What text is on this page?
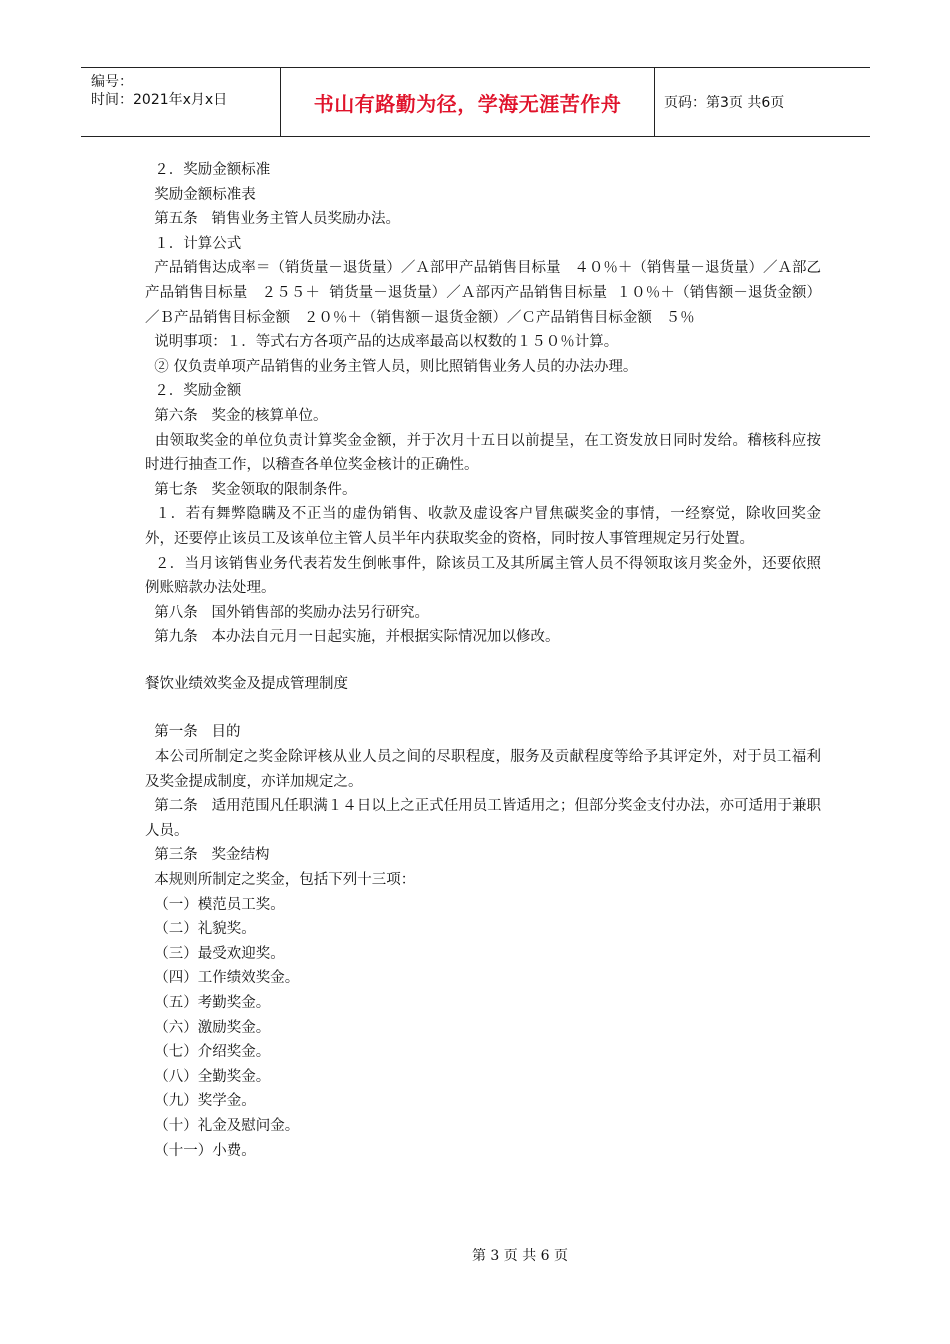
编号：
时间：2021年x月x日	书山有路勤为径，学海无涯苦作舟	页码：第3页 共6页

２．奖励金额标准

奖励金额标准表

第五条   销售业务主管人员奖励办法。

１．计算公式

产品销售达成率＝（销货量－退货量）／Ａ部甲产品销售目标量   ４０％＋（销售量－退货量）／Ａ部乙产品销售目标量   ２５５＋  销货量－退货量）／Ａ部丙产品销售目标量  １０％＋（销售额－退货金额）／Ｂ产品销售目标金额   ２０％＋（销售额－退货金额）／Ｃ产品销售目标金额   ５％

说明事项：１．等式右方各项产品的达成率最高以权数的１５０％计算。

② 仅负责单项产品销售的业务主管人员，则比照销售业务人员的办法办理。

２．奖励金额

第六条   奖金的核算单位。

由领取奖金的单位负责计算奖金金额，并于次月十五日以前提呈，在工资发放日同时发给。稽核科应按时进行抽查工作，以稽查各单位奖金核计的正确性。

第七条   奖金领取的限制条件。

１．若有舞弊隐瞒及不正当的虚伪销售、收款及虚设客户冒焦碳奖金的事情，一经察觉，除收回奖金外，还要停止该员工及该单位主管人员半年内获取奖金的资格，同时按人事管理规定另行处置。

２．当月该销售业务代表若发生倒帐事件，除该员工及其所属主管人员不得领取该月奖金外，还要依照例账赔款办法处理。

第八条   国外销售部的奖励办法另行研究。

第九条   本办法自元月一日起实施，并根据实际情况加以修改。

餐饮业绩效奖金及提成管理制度

第一条   目的

本公司所制定之奖金除评核从业人员之间的尽职程度，服务及贡献程度等给予其评定外，对于员工福利及奖金提成制度，亦详加规定之。

第二条   适用范围凡任职满１４日以上之正式任用员工皆适用之；但部分奖金支付办法，亦可适用于兼职人员。

第三条   奖金结构

本规则所制定之奖金，包括下列十三项：

（一）模范员工奖。

（二）礼貌奖。

（三）最受欢迎奖。

（四）工作绩效奖金。

（五）考勤奖金。

（六）激励奖金。

（七）介绍奖金。

（八）全勤奖金。

（九）奖学金。

（十）礼金及慰问金。

（十一）小费。

第 3 页 共 6 页
